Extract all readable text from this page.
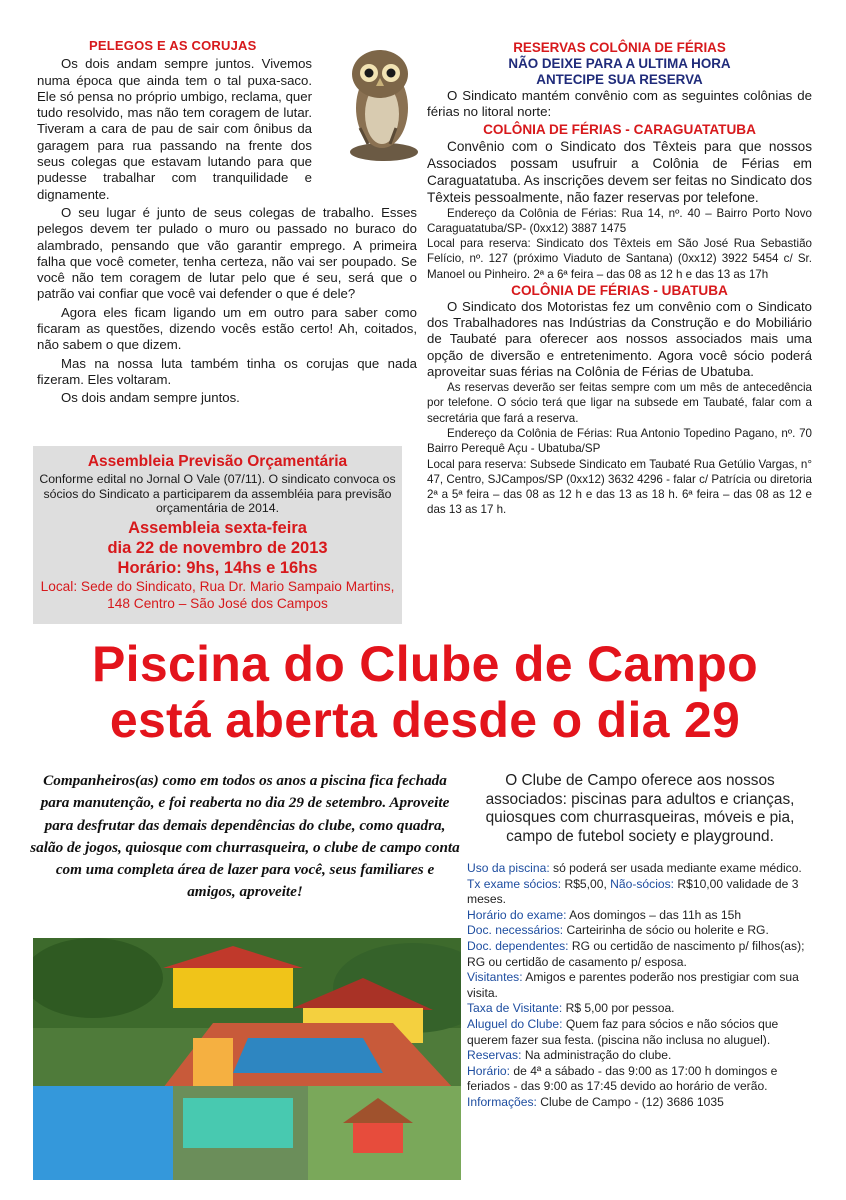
PELEGOS E AS CORUJAS

Os dois andam sempre juntos. Vivemos numa época que ainda tem o tal puxa-saco. Ele só pensa no próprio umbigo, reclama, quer tudo resolvido, mas não tem coragem de lutar. Tiveram a cara de pau de sair com ônibus da garagem para rua passando na frente dos seus colegas que estavam lutando para que pudesse trabalhar com tranquilidade e dignamente.

O seu lugar é junto de seus colegas de trabalho. Esses pelegos devem ter pulado o muro ou passado no buraco do alambrado, pensando que vão garantir emprego. A primeira falha que você cometer, tenha certeza, não vai ser poupado. Se você não tem coragem de lutar pelo que é seu, será que o patrão vai confiar que você vai defender o que é dele?

Agora eles ficam ligando um em outro para saber como ficaram as questões, dizendo vocês estão certo! Ah, coitados, não sabem o que dizem.

Mas na nossa luta também tinha os corujas que nada fizeram. Eles voltaram.

Os dois andam sempre juntos.

Assembleia Previsão Orçamentária
Conforme edital no Jornal O Vale (07/11). O sindicato convoca os sócios do Sindicato a participarem da assembléia para previsão orçamentária de 2014.
Assembleia sexta-feira
dia 22 de novembro de 2013
Horário: 9hs, 14hs e 16hs
Local: Sede do Sindicato, Rua Dr. Mario Sampaio Martins, 148 Centro – São José dos Campos
RESERVAS COLÔNIA DE FÉRIAS
NÃO DEIXE PARA A ULTIMA HORA
ANTECIPE SUA RESERVA

O Sindicato mantém convênio com as seguintes colônias de férias no litoral norte:

COLÔNIA DE FÉRIAS - CARAGUATATUBA

Convênio com o Sindicato dos Têxteis para que nossos Associados possam usufruir a Colônia de Férias em Caraguatatuba. As inscrições devem ser feitas no Sindicato dos Têxteis pessoalmente, não fazer reservas por telefone.

Endereço da Colônia de Férias: Rua 14, nº. 40 – Bairro Porto Novo Caraguatatuba/SP- (0xx12) 3887 1475

Local para reserva: Sindicato dos Têxteis em São José Rua Sebastião Felício, nº. 127 (próximo Viaduto de Santana) (0xx12) 3922 5454 c/ Sr. Manoel ou Pinheiro. 2ª a 6ª feira – das 08 as 12 h e das 13 as 17h

COLÔNIA DE FÉRIAS - UBATUBA

O Sindicato dos Motoristas fez um convênio com o Sindicato dos Trabalhadores nas Indústrias da Construção e do Mobiliário de Taubaté para oferecer aos nossos associados mais uma opção de diversão e entretenimento. Agora você sócio poderá aproveitar suas férias na Colônia de Férias de Ubatuba.

As reservas deverão ser feitas sempre com um mês de antecedência por telefone. O sócio terá que ligar na subsede em Taubaté, falar com a secretária que fará a reserva.

Endereço da Colônia de Férias: Rua Antonio Topedino Pagano, nº. 70 Bairro Perequê Açu - Ubatuba/SP

Local para reserva: Subsede Sindicato em Taubaté Rua Getúlio Vargas, n° 47, Centro, SJCampos/SP (0xx12) 3632 4296 - falar c/ Patrícia ou diretoria 2ª a 5ª feira – das 08 as 12 h e das 13 as 18 h. 6ª feira – das 08 as 12 e das 13 as 17 h.

Piscina do Clube de Campo
está aberta desde o dia 29
Companheiros(as) como em todos os anos a piscina fica fechada para manutenção, e foi reaberta no dia 29 de setembro. Aproveite para desfrutar das demais dependências do clube, como quadra, salão de jogos, quiosque com churrasqueira, o clube de campo conta com uma completa área de lazer para você, seus familiares e amigos, aproveite!
O Clube de Campo oferece aos nossos associados: piscinas para adultos e crianças, quiosques com churrasqueiras, móveis e pia, campo de futebol society e playground.

Uso da piscina: só poderá ser usada mediante exame médico.

Tx exame sócios: R$5,00, Não-sócios: R$10,00 validade de 3 meses.

Horário do exame: Aos domingos – das 11h as 15h

Doc. necessários: Carteirinha de sócio ou holerite e RG.

Doc. dependentes: RG ou certidão de nascimento p/ filhos(as);

RG ou certidão de casamento p/ esposa.

Visitantes: Amigos e parentes poderão nos prestigiar com sua visita.

Taxa de Visitante: R$ 5,00 por pessoa.

Aluguel do Clube: Quem faz para sócios e não sócios que querem fazer sua festa. (piscina não inclusa no aluguel). Reservas: Na administração do clube.

Horário: de 4ª a sábado - das 9:00 as 17:00 h domingos e feriados - das 9:00 as 17:45 devido ao horário de verão.

Informações: Clube de Campo - (12) 3686 1035
